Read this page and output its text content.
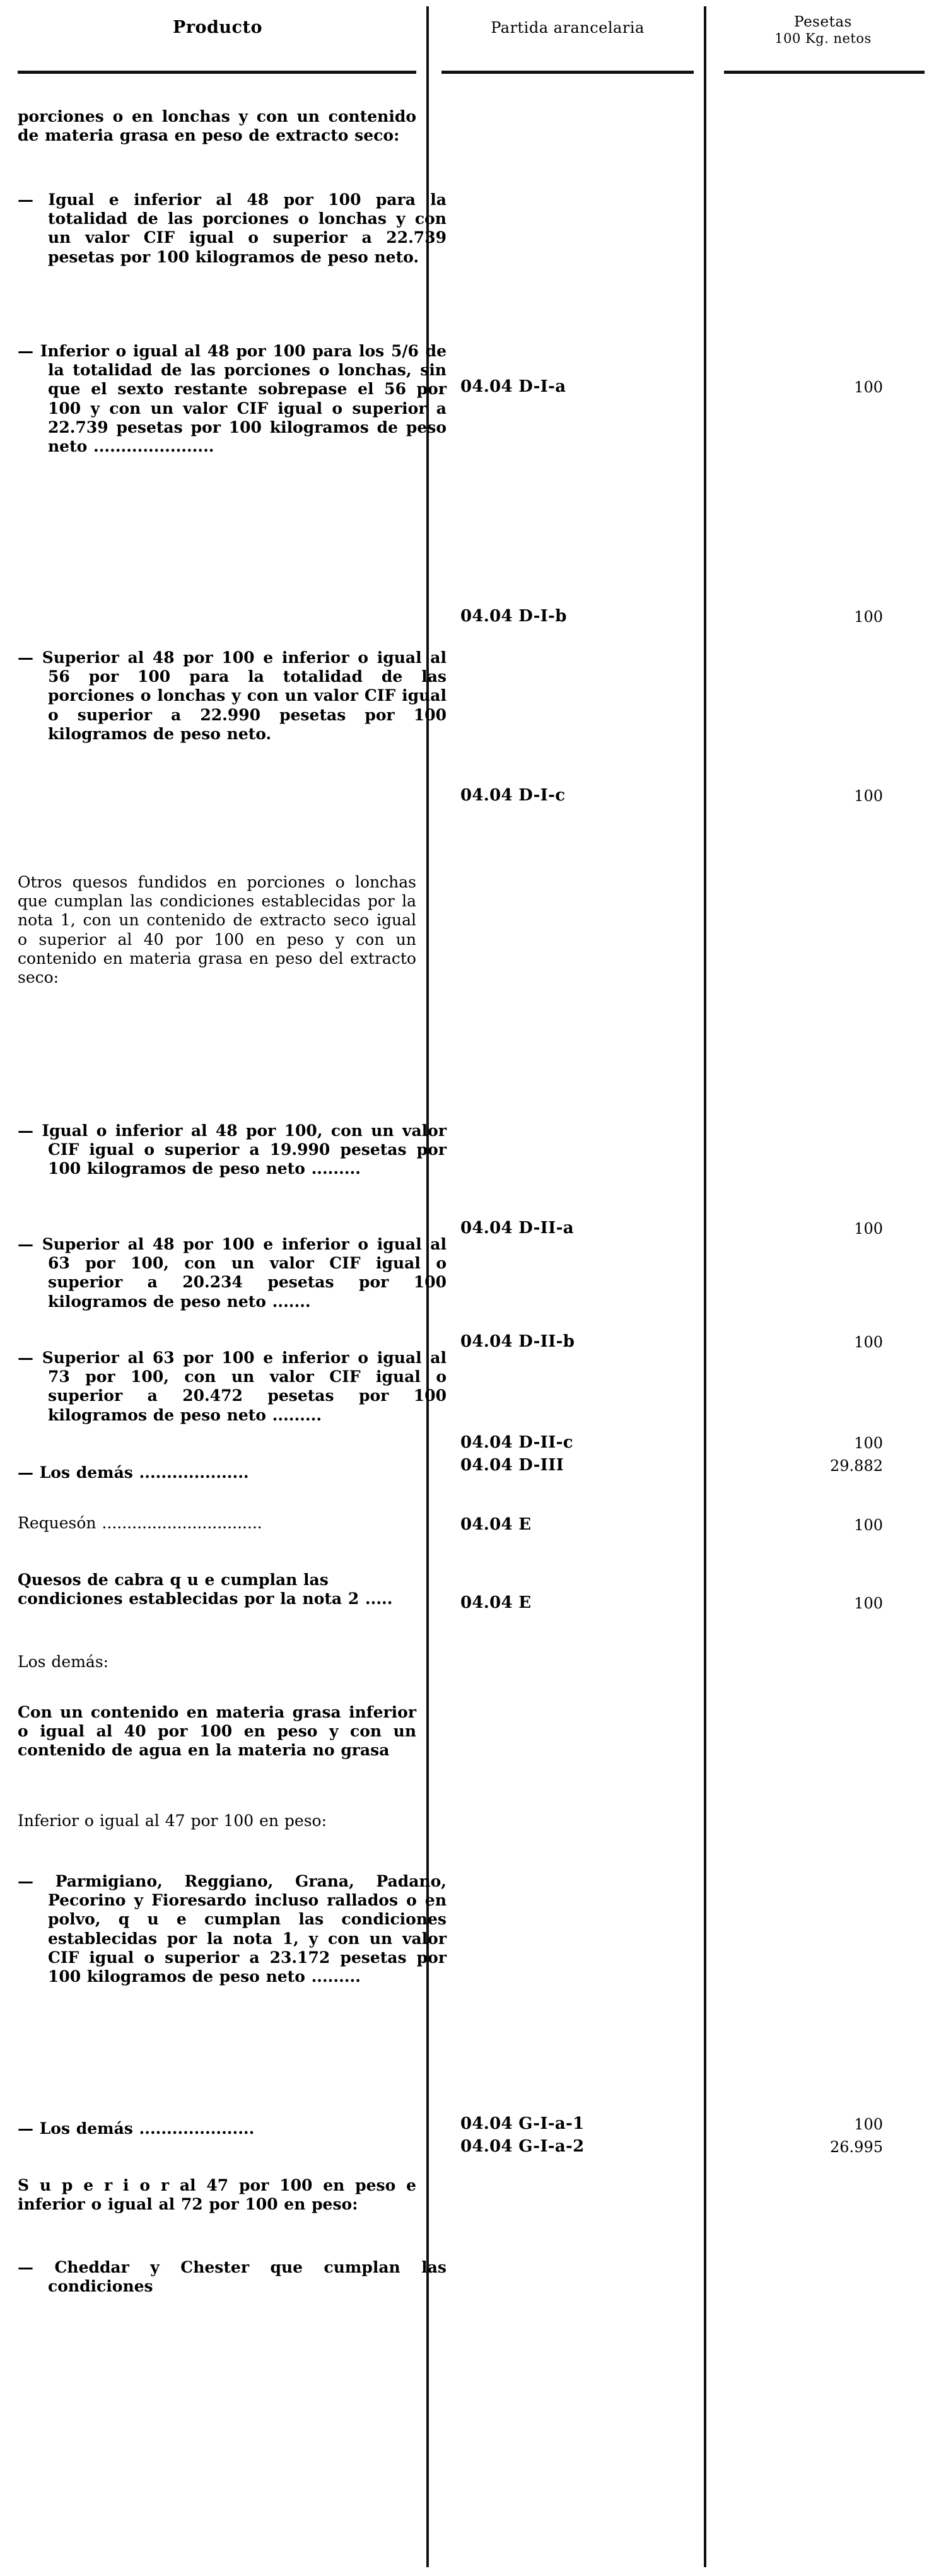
Producto	Partida arancelaria	Pesetas
100 Kg. netos
porciones o en lonchas y con un contenido de materia grasa en peso de extracto seco:
— Igual e inferior al 48 por 100 para la totalidad de las porciones o lonchas y con un valor CIF igual o superior a 22.739 pesetas por 100 kilogramos de peso neto.
— Inferior o igual al 48 por 100 para los 5/6 de la totalidad de las porciones o lonchas, sin que el sexto restante sobrepase el 56 por 100 y con un valor CIF igual o superior a 22.739 pesetas por 100 kilogramos de peso neto ......................
— Superior al 48 por 100 e inferior o igual al 56 por 100 para la totalidad de las porciones o lonchas y con un valor CIF igual o superior a 22.990 pesetas por 100 kilogramos de peso neto.
Otros quesos fundidos en porciones o lonchas que cumplan las condiciones establecidas por la nota 1, con un contenido de extracto seco igual o superior al 40 por 100 en peso y con un contenido en materia grasa en peso del extracto seco:
— Igual o inferior al 48 por 100, con un valor CIF igual o superior a 19.990 pesetas por 100 kilogramos de peso neto .........
— Superior al 48 por 100 e inferior o igual al 63 por 100, con un valor CIF igual o superior a 20.234 pesetas por 100 kilogramos de peso neto .......
— Superior al 63 por 100 e inferior o igual al 73 por 100, con un valor CIF igual o superior a 20.472 pesetas por 100 kilogramos de peso neto .........
— Los demás ....................
Requesón ................................
Quesos de cabra q u e cumplan las condiciones establecidas por la nota 2 .....
Los demás:
Con un contenido en materia grasa inferior o igual al 40 por 100 en peso y con un contenido de agua en la materia no grasa
Inferior o igual al 47 por 100 en peso:
— Parmigiano, Reggiano, Grana, Padano, Pecorino y Fioresardo incluso rallados o en polvo, q u e cumplan las condiciones establecidas por la nota 1, y con un valor CIF igual o superior a 23.172 pesetas por 100 kilogramos de peso neto .........
— Los demás .....................
S u p e r i o r al 47 por 100 en peso e inferior o igual al 72 por 100 en peso:
— Cheddar y Chester que cumplan las condiciones
04.04 D-I-a
04.04 D-I-b
04.04 D-I-c
04.04 D-II-a
04.04 D-II-b
04.04 D-II-c
04.04 D-III
04.04 E
04.04 E
04.04 G-I-a-1
04.04 G-I-a-2
100
100
100
100
100
100
29.882
100
100
100
26.995
